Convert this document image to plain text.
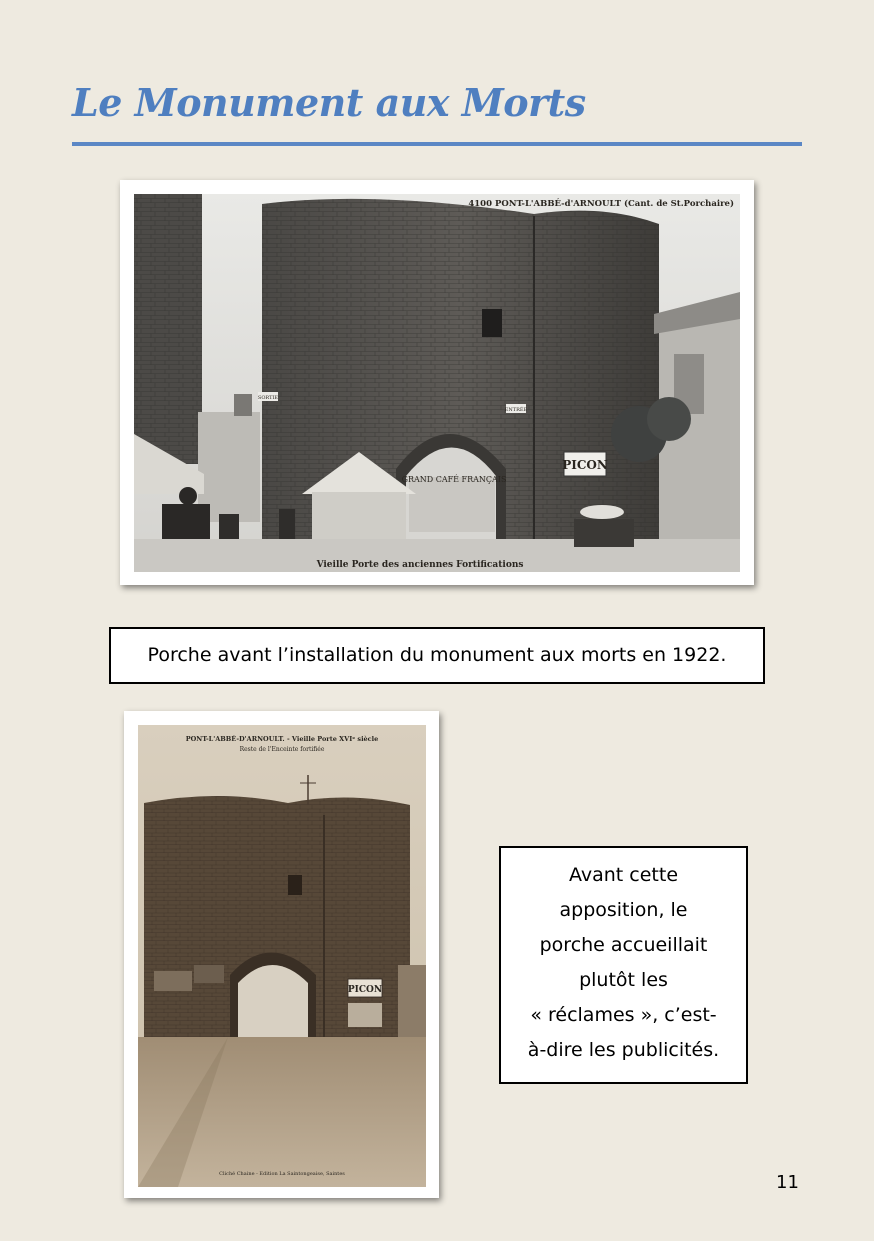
Le Monument aux Morts
PICON
GRAND CAFÉ FRANÇAIS
SORTIE
ENTRÉE
4100 PONT-L'ABBÉ-d'ARNOULT (Cant. de St.Porchaire)
Vieille Porte des anciennes Fortifications
Porche avant l’installation du monument aux morts en 1922.
PICON
PONT-L'ABBÉ-D'ARNOULT. - Vieille Porte XVIᵉ siècle
Reste de l'Enceinte fortifiée
Cliché Chaine - Edition La Saintongeaise, Saintes
Avant cette
apposition, le
porche accueillait
plutôt les
« réclames », c’est-
à-dire les publicités.
11
